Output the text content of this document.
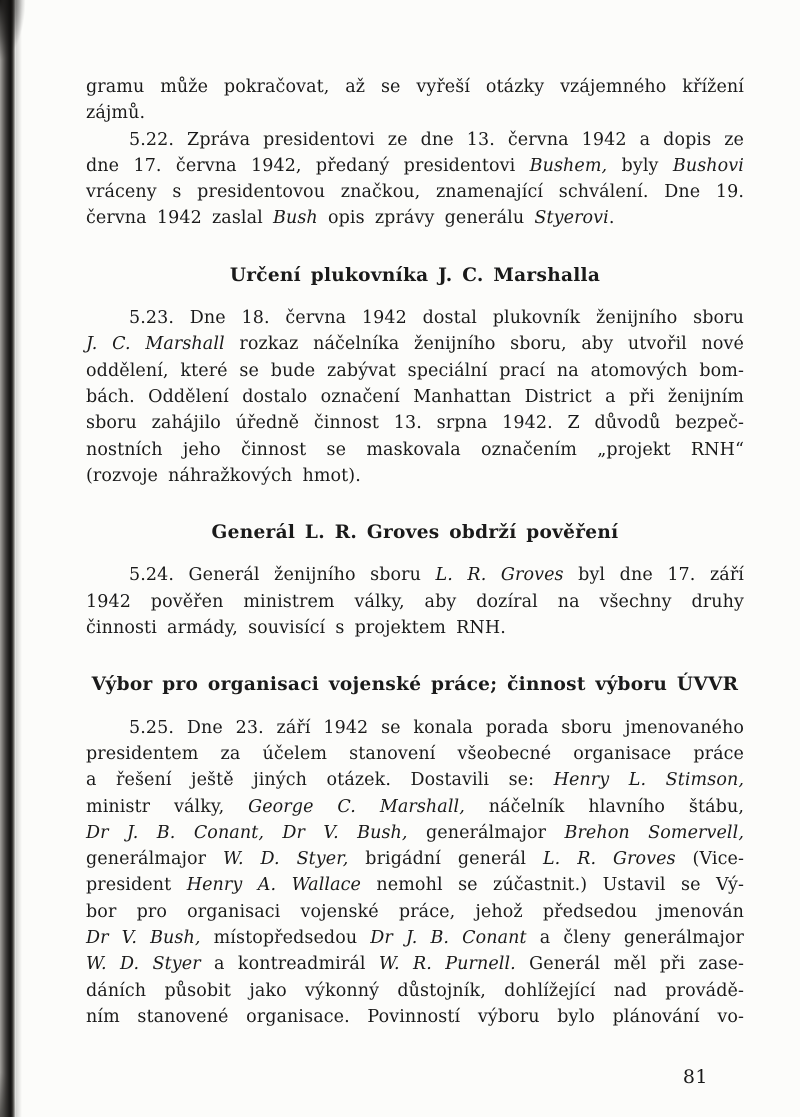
gramu může pokračovat, až se vyřeší otázky vzájemného křížení
zájmů.
5.22. Zpráva presidentovi ze dne 13. června 1942 a dopis ze
dne 17. června 1942, předaný presidentovi Bushem, byly Bushovi
vráceny s presidentovou značkou, znamenající schválení. Dne 19.
června 1942 zaslal Bush opis zprávy generálu Styerovi.
Určení plukovníka J. C. Marshalla
5.23. Dne 18. června 1942 dostal plukovník ženijního sboru
J. C. Marshall rozkaz náčelníka ženijního sboru, aby utvořil nové
oddělení, které se bude zabývat speciální prací na atomových bom-
bách. Oddělení dostalo označení Manhattan District a při ženijním
sboru zahájilo úředně činnost 13. srpna 1942. Z důvodů bezpeč-
nostních jeho činnost se maskovala označením „projekt RNH“
(rozvoje náhražkových hmot).
Generál L. R. Groves obdrží pověření
5.24. Generál ženijního sboru L. R. Groves byl dne 17. září
1942 pověřen ministrem války, aby dozíral na všechny druhy
činnosti armády, souvisící s projektem RNH.
Výbor pro organisaci vojenské práce; činnost výboru ÚVVR
5.25. Dne 23. září 1942 se konala porada sboru jmenovaného
presidentem za účelem stanovení všeobecné organisace práce
a řešení ještě jiných otázek. Dostavili se: Henry L. Stimson,
ministr války, George C. Marshall, náčelník hlavního štábu,
Dr J. B. Conant, Dr V. Bush, generálmajor Brehon Somervell,
generálmajor W. D. Styer, brigádní generál L. R. Groves (Vice-
president Henry A. Wallace nemohl se zúčastnit.) Ustavil se Vý-
bor pro organisaci vojenské práce, jehož předsedou jmenován
Dr V. Bush, místopředsedou Dr J. B. Conant a členy generálmajor
W. D. Styer a kontreadmirál W. R. Purnell. Generál měl při zase-
dáních působit jako výkonný důstojník, dohlížející nad provádě-
ním stanovené organisace. Povinností výboru bylo plánování vo-
81
